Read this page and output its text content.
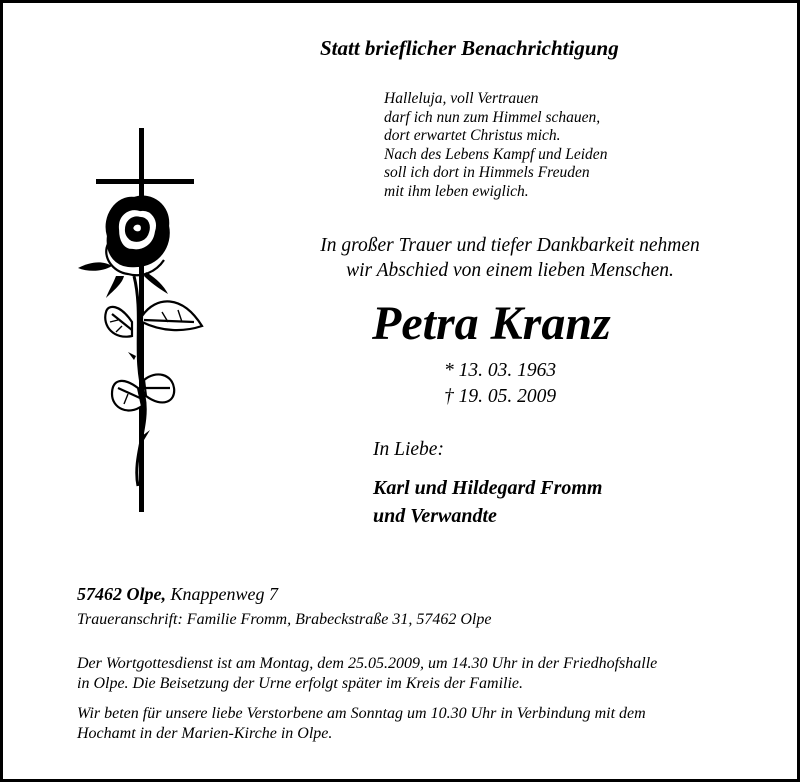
Statt brieflicher Benachrichtigung
Halleluja, voll Vertrauen
darf ich nun zum Himmel schauen,
dort erwartet Christus mich.
Nach des Lebens Kampf und Leiden
soll ich dort in Himmels Freuden
mit ihm leben ewiglich.
In großer Trauer und tiefer Dankbarkeit nehmen
wir Abschied von einem lieben Menschen.
Petra Kranz
* 13. 03. 1963
† 19. 05. 2009
In Liebe:
Karl und Hildegard Fromm
und Verwandte
57462 Olpe, Knappenweg 7
Traueranschrift: Familie Fromm, Brabeckstraße 31, 57462 Olpe
Der Wortgottesdienst ist am Montag, dem 25.05.2009, um 14.30 Uhr in der Friedhofshalle
in Olpe. Die Beisetzung der Urne erfolgt später im Kreis der Familie.
Wir beten für unsere liebe Verstorbene am Sonntag um 10.30 Uhr in Verbindung mit dem
Hochamt in der Marien-Kirche in Olpe.
